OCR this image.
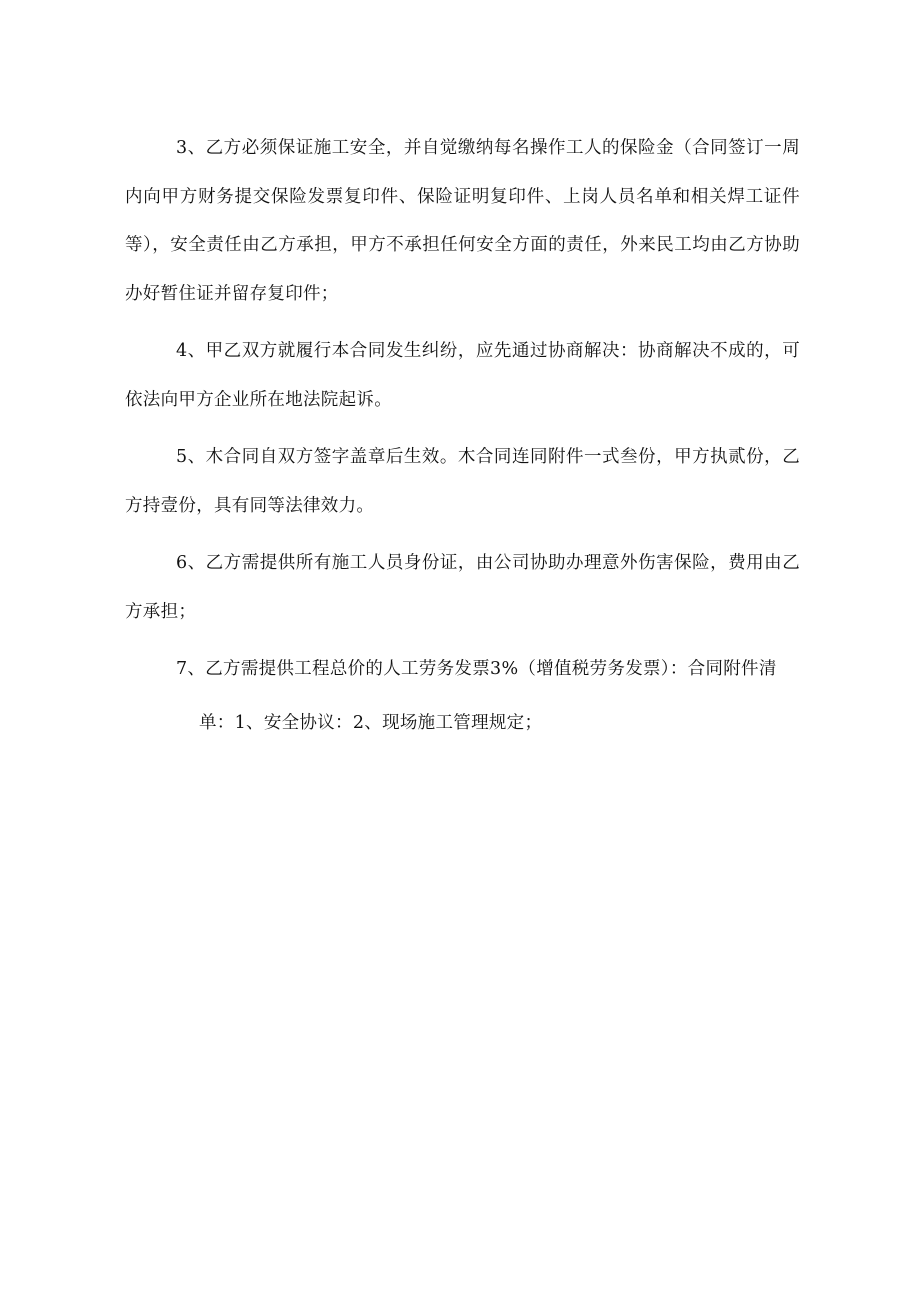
3、乙方必须保证施工安全，并自觉缴纳每名操作工人的保险金（合同签订一周内向甲方财务提交保险发票复印件、保险证明复印件、上岗人员名单和相关焊工证件等），安全责任由乙方承担，甲方不承担任何安全方面的责任，外来民工均由乙方协助办好暂住证并留存复印件；

4、甲乙双方就履行本合同发生纠纷，应先通过协商解决：协商解决不成的，可依法向甲方企业所在地法院起诉。

5、木合同自双方签字盖章后生效。木合同连同附件一式叁份，甲方执贰份，乙方持壹份，具有同等法律效力。

6、乙方需提供所有施工人员身份证，由公司协助办理意外伤害保险，费用由乙方承担；

7、乙方需提供工程总价的人工劳务发票3%（增值税劳务发票）：合同附件清

单：1、安全协议：2、现场施工管理规定；
